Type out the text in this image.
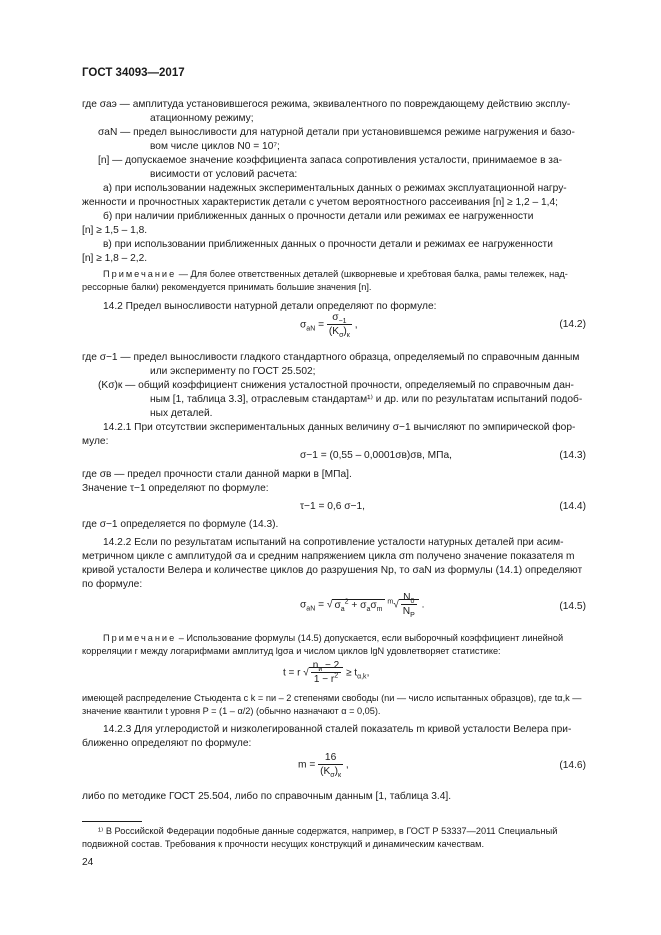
ГОСТ 34093—2017
где σaэ — амплитуда установившегося режима, эквивалентного по повреждающему действию эксплу-
атационному режиму;
σaN — предел выносливости для натурной детали при установившемся режиме нагружения и базо-
вом числе циклов N0 = 10⁷;
[n] — допускаемое значение коэффициента запаса сопротивления усталости, принимаемое в за-
висимости от условий расчета:
а) при использовании надежных экспериментальных данных о режимах эксплуатационной нагру-
женности и прочностных характеристик детали с учетом вероятностного рассеивания [n] ≥ 1,2 – 1,4;
б) при наличии приближенных данных о прочности детали или режимах ее нагруженности
[n] ≥ 1,5 – 1,8.
в) при использовании приближенных данных о прочности детали и режимах ее нагруженности
[n] ≥ 1,8 – 2,2.
Примечание — Для более ответственных деталей (шкворневые и хребтовая балка, рамы тележек, над-
рессорные балки) рекомендуется принимать большие значения [n].
14.2 Предел выносливости натурной детали определяют по формуле:
$\sigma_{aN} = \frac{\sigma_{-1}}{(K_\sigma)_к}$ ,	(14.2)
где σ−1 — предел выносливости гладкого стандартного образца, определяемый по справочным данным
или эксперименту по ГОСТ 25.502;
(Kσ)к — общий коэффициент снижения усталостной прочности, определяемый по справочным дан-
ным [1, таблица 3.3], отраслевым стандартам¹⁾ и др. или по результатам испытаний подоб-
ных деталей.
14.2.1 При отсутствии экспериментальных данных величину σ−1 вычисляют по эмпирической фор-
муле:
σ−1 = (0,55 – 0,0001σв)σв, МПа,	(14.3)
где σв — предел прочности стали данной марки в [МПа].
Значение τ−1 определяют по формуле:
τ−1 = 0,6 σ−1,	(14.4)
где σ−1 определяется по формуле (14.3).
14.2.2 Если по результатам испытаний на сопротивление усталости натурных деталей при асим-
метричном цикле с амплитудой σa и средним напряжением цикла σm получено значение показателя m
кривой усталости Велера и количестве циклов до разрушения Np, то σaN из формулы (14.1) определяют
по формуле:
$\sigma_{aN}$ = √ $\sigma_a^2 + \sigma_a\sigma_m$ $^m√ \frac{N_0}{N_P}$ .	(14.5)
Примечание – Использование формулы (14.5) допускается, если выборочный коэффициент линейной
корреляции r между логарифмами амплитуд lgσa и числом циклов lgN удовлетворяет статистике:
t = r √ $\frac{n_и - 2}{1 - r^2} \ge t_{\alpha,k}$,
имеющей распределение Стьюдента с k = nи – 2 степенями свободы (nи — число испытанных образцов), где tα,k —
значение квантили t уровня P = (1 – α/2) (обычно назначают α = 0,05).
14.2.3 Для углеродистой и низколегированной сталей показатель m кривой усталости Велера при-
ближенно определяют по формуле:
$m = \frac{16}{(K_\sigma)_к}$ ,	(14.6)
либо по методике ГОСТ 25.504, либо по справочным данным [1, таблица 3.4].
¹⁾ В Российской Федерации подобные данные содержатся, например, в ГОСТ Р 53337—2011 Специальный
подвижной состав. Требования к прочности несущих конструкций и динамическим качествам.
24
